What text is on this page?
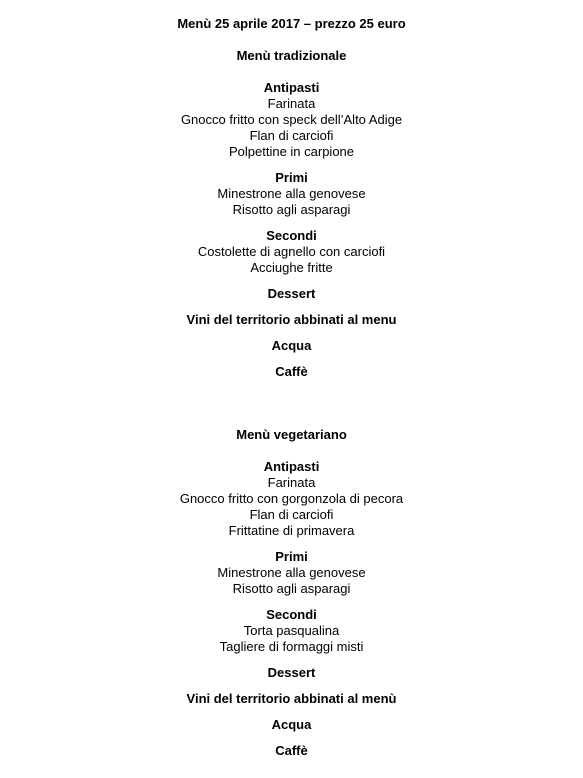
Menù 25 aprile 2017 – prezzo 25 euro
Menù tradizionale
Antipasti
Farinata
Gnocco fritto con speck dell’Alto Adige
Flan di carciofi
Polpettine in carpione
Primi
Minestrone alla genovese
Risotto agli asparagi
Secondi
Costolette di agnello con carciofi
Acciughe fritte
Dessert
Vini del territorio abbinati al menu
Acqua
Caffè
Menù vegetariano
Antipasti
Farinata
Gnocco fritto con gorgonzola di pecora
Flan di carciofi
Frittatine di primavera
Primi
Minestrone alla genovese
Risotto agli asparagi
Secondi
Torta pasqualina
Tagliere di formaggi misti
Dessert
Vini del territorio abbinati al menù
Acqua
Caffè
